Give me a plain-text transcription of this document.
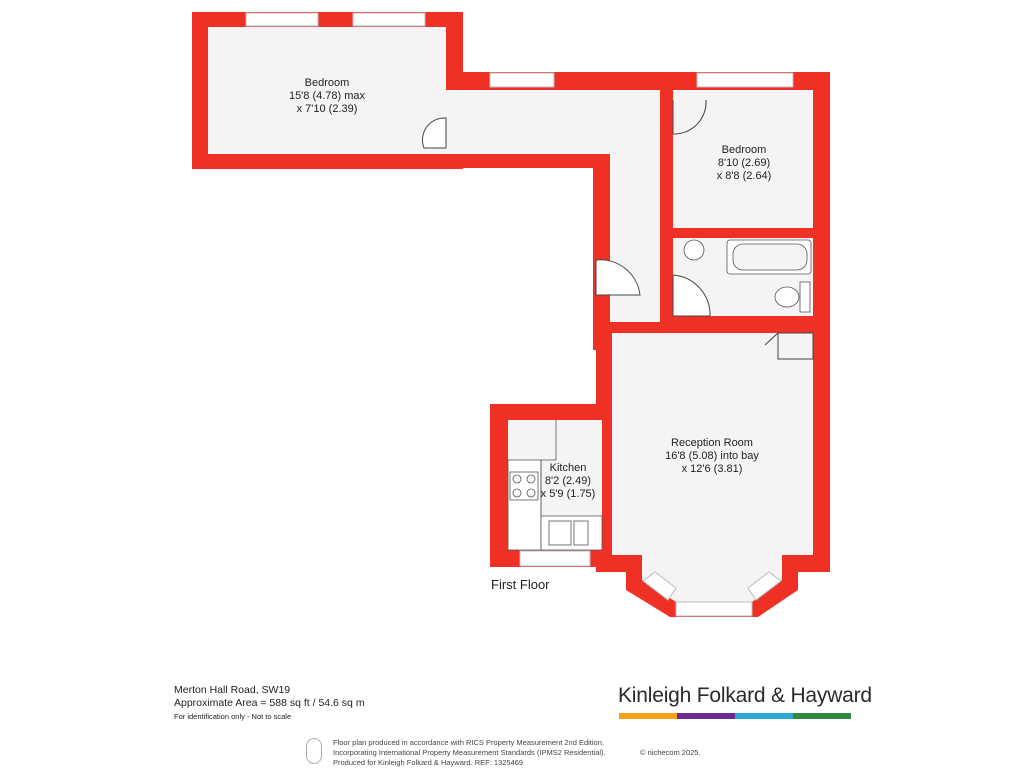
Bedroom
15'8 (4.78) max
x 7'10 (2.39)
Bedroom
8'10 (2.69)
x 8'8 (2.64)
Reception Room
16'8 (5.08) into bay
x 12'6 (3.81)
Kitchen
8'2 (2.49)
x 5'9 (1.75)
First Floor
Merton Hall Road, SW19
Approximate Area = 588 sq ft / 54.6 sq m
For identification only - Not to scale
Kinleigh Folkard & Hayward
Floor plan produced in accordance with RICS Property Measurement 2nd Edition,
Incorporating International Property Measurement Standards (IPMS2 Residential).
Produced for Kinleigh Folkard & Hayward. REF: 1325469
© nichecom 2025.
